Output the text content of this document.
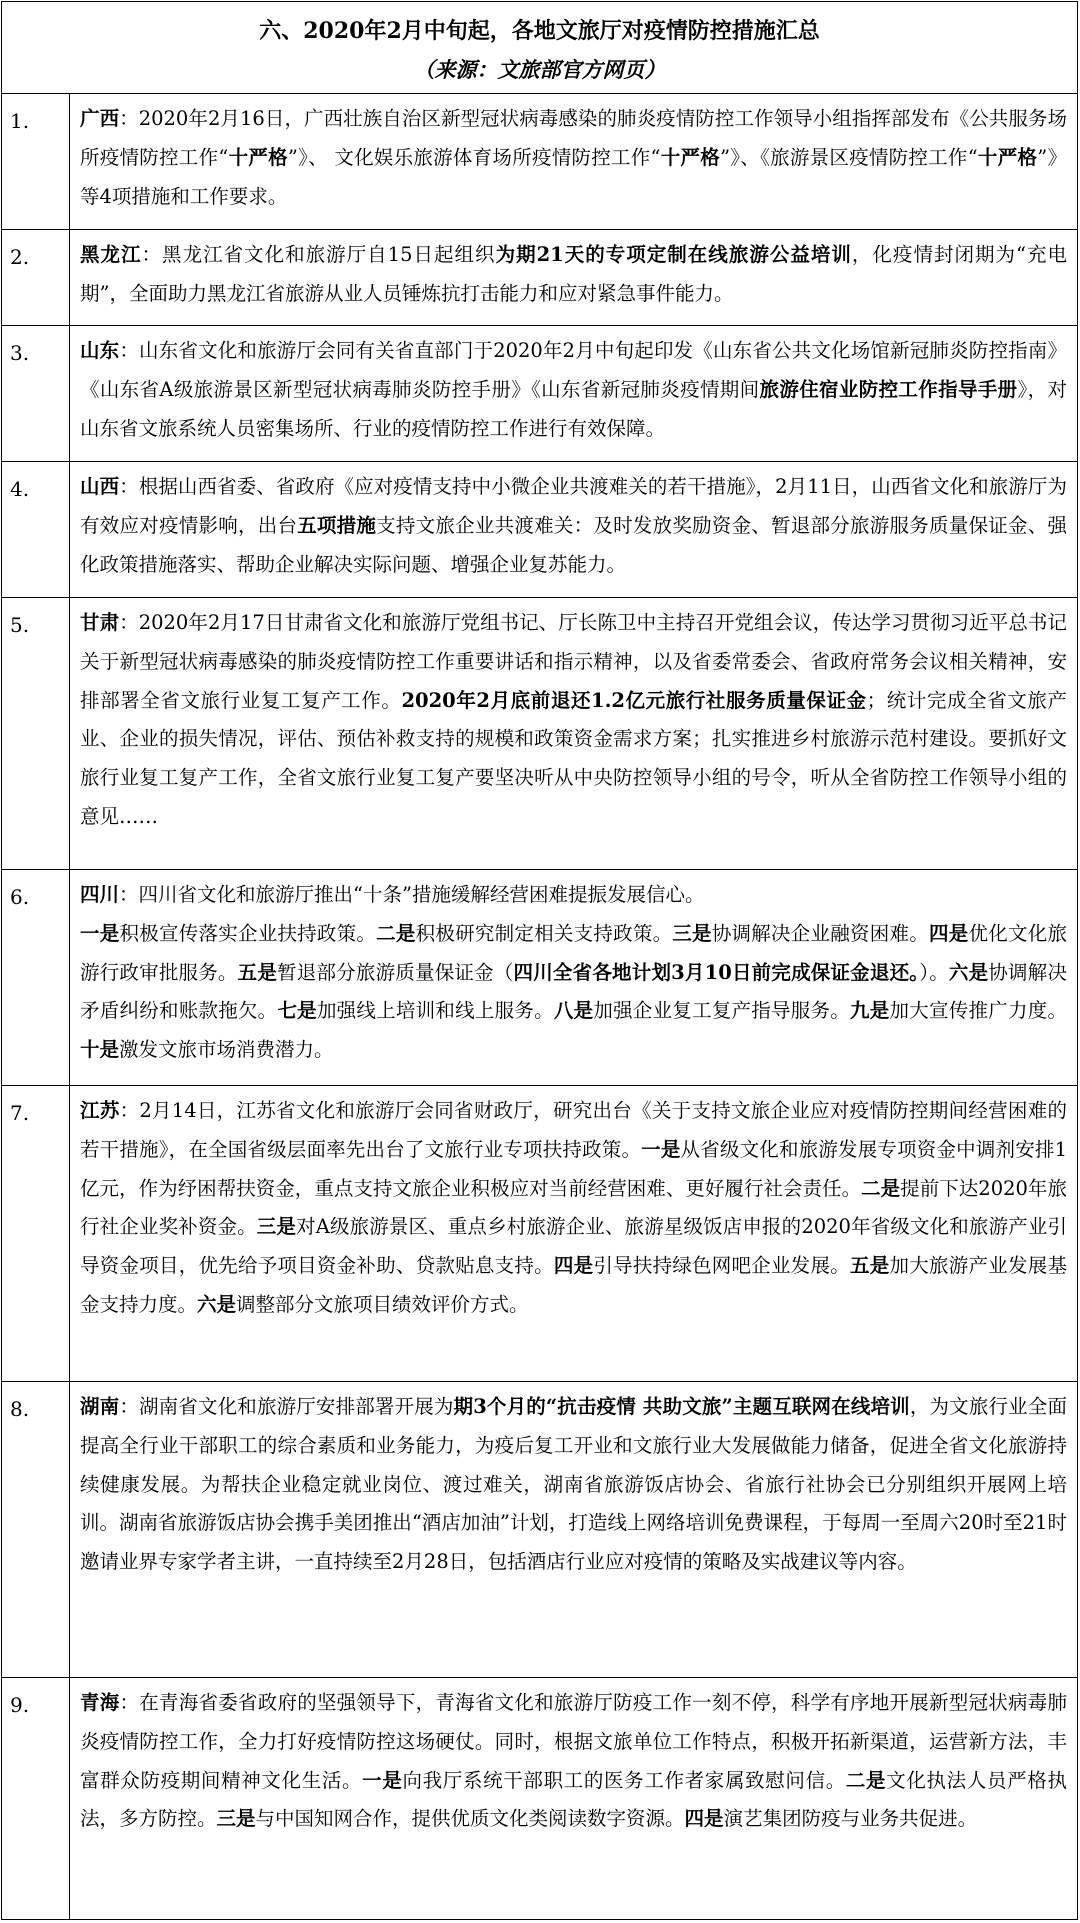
六、2020年2月中旬起，各地文旅厅对疫情防控措施汇总
（来源：文旅部官方网页）	

1.	广西：2020年2月16日，广西壮族自治区新型冠状病毒感染的肺炎疫情防控工作领导小组指挥部发布《公共服务场所疫情防控工作“十严格”》、 文化娱乐旅游体育场所疫情防控工作“十严格”》、《旅游景区疫情防控工作“十严格”》 等4项措施和工作要求。
2.	黑龙江：黑龙江省文化和旅游厅自15日起组织为期21天的专项定制在线旅游公益培训，化疫情封闭期为“充电期”，全面助力黑龙江省旅游从业人员锤炼抗打击能力和应对紧急事件能力。
3.	山东：山东省文化和旅游厅会同有关省直部门于2020年2月中旬起印发《山东省公共文化场馆新冠肺炎防控指南》《山东省A级旅游景区新型冠状病毒肺炎防控手册》《山东省新冠肺炎疫情期间旅游住宿业防控工作指导手册》，对山东省文旅系统人员密集场所、行业的疫情防控工作进行有效保障。
4.	山西：根据山西省委、省政府《应对疫情支持中小微企业共渡难关的若干措施》，2月11日，山西省文化和旅游厅为有效应对疫情影响，出台五项措施支持文旅企业共渡难关：及时发放奖励资金、暂退部分旅游服务质量保证金、强化政策措施落实、帮助企业解决实际问题、增强企业复苏能力。
5.	甘肃：2020年2月17日甘肃省文化和旅游厅党组书记、厅长陈卫中主持召开党组会议，传达学习贯彻习近平总书记关于新型冠状病毒感染的肺炎疫情防控工作重要讲话和指示精神，以及省委常委会、省政府常务会议相关精神，安排部署全省文旅行业复工复产工作。2020年2月底前退还1.2亿元旅行社服务质量保证金；统计完成全省文旅产业、企业的损失情况，评估、预估补救支持的规模和政策资金需求方案；扎实推进乡村旅游示范村建设。要抓好文旅行业复工复产工作，全省文旅行业复工复产要坚决听从中央防控领导小组的号令，听从全省防控工作领导小组的意见……
6.	四川：四川省文化和旅游厅推出“十条”措施缓解经营困难提振发展信心。
一是积极宣传落实企业扶持政策。二是积极研究制定相关支持政策。三是协调解决企业融资困难。四是优化文化旅游行政审批服务。五是暂退部分旅游质量保证金（四川全省各地计划3月10日前完成保证金退还。）。六是协调解决矛盾纠纷和账款拖欠。七是加强线上培训和线上服务。八是加强企业复工复产指导服务。九是加大宣传推广力度。十是激发文旅市场消费潜力。
7.	江苏：2月14日，江苏省文化和旅游厅会同省财政厅，研究出台《关于支持文旅企业应对疫情防控期间经营困难的若干措施》，在全国省级层面率先出台了文旅行业专项扶持政策。一是从省级文化和旅游发展专项资金中调剂安排1亿元，作为纾困帮扶资金，重点支持文旅企业积极应对当前经营困难、更好履行社会责任。二是提前下达2020年旅行社企业奖补资金。三是对A级旅游景区、重点乡村旅游企业、旅游星级饭店申报的2020年省级文化和旅游产业引导资金项目，优先给予项目资金补助、贷款贴息支持。四是引导扶持绿色网吧企业发展。五是加大旅游产业发展基金支持力度。六是调整部分文旅项目绩效评价方式。
8.	湖南：湖南省文化和旅游厅安排部署开展为期3个月的“抗击疫情 共助文旅”主题互联网在线培训，为文旅行业全面提高全行业干部职工的综合素质和业务能力，为疫后复工开业和文旅行业大发展做能力储备，促进全省文化旅游持续健康发展。为帮扶企业稳定就业岗位、渡过难关，湖南省旅游饭店协会、省旅行社协会已分别组织开展网上培训。湖南省旅游饭店协会携手美团推出“酒店加油”计划，打造线上网络培训免费课程，于每周一至周六20时至21时邀请业界专家学者主讲，一直持续至2月28日，包括酒店行业应对疫情的策略及实战建议等内容。
9.	青海：在青海省委省政府的坚强领导下，青海省文化和旅游厅防疫工作一刻不停，科学有序地开展新型冠状病毒肺炎疫情防控工作，全力打好疫情防控这场硬仗。同时，根据文旅单位工作特点，积极开拓新渠道，运营新方法，丰富群众防疫期间精神文化生活。一是向我厅系统干部职工的医务工作者家属致慰问信。二是文化执法人员严格执法，多方防控。三是与中国知网合作，提供优质文化类阅读数字资源。四是演艺集团防疫与业务共促进。
